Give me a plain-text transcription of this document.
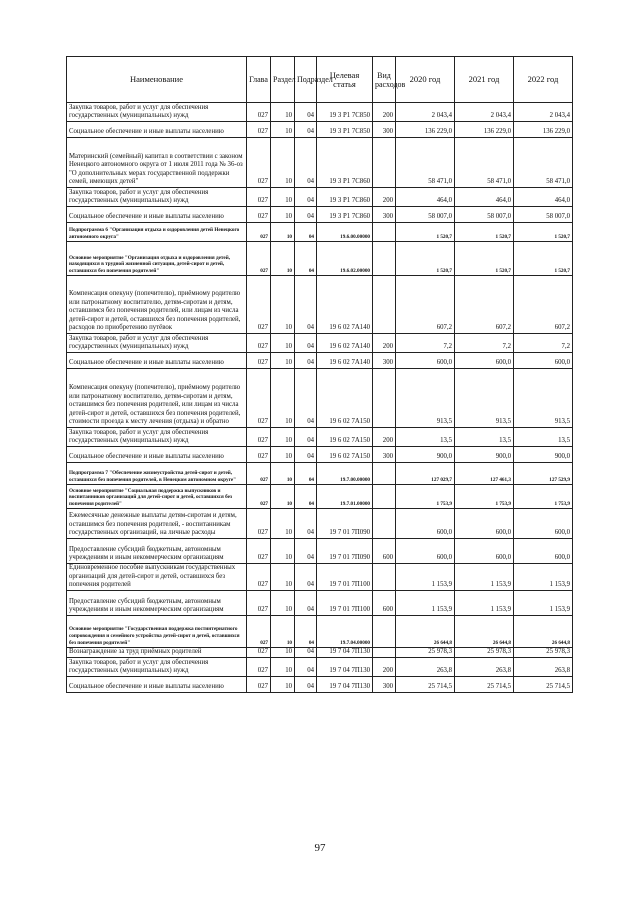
Наименование	Глава	Раздел	Подраздел	Целевая статья	Вид расходов	2020 год	2021 год	2022 год
Закупка товаров, работ и услуг для обеспечения государственных (муниципальных) нужд	027	10	04	19 3 P1 7C850	200	2 043,4	2 043,4	2 043,4
Социальное обеспечение и иные выплаты населению	027	10	04	19 3 P1 7C850	300	136 229,0	136 229,0	136 229,0
Материнский (семейный) капитал в соответствии с законом Ненецкого автономного округа от 1 июля 2011 года № 36-оз "О дополнительных мерах государственной поддержки семей, имеющих детей"	027	10	04	19 3 P1 7C860		58 471,0	58 471,0	58 471,0
Закупка товаров, работ и услуг для обеспечения государственных (муниципальных) нужд	027	10	04	19 3 P1 7C860	200	464,0	464,0	464,0
Социальное обеспечение и иные выплаты населению	027	10	04	19 3 P1 7C860	300	58 007,0	58 007,0	58 007,0
Подпрограмма 6 "Организация отдыха и оздоровления детей Ненецкого автономного округа"	027	10	04	19.6.00.00000		1 520,7	1 520,7	1 520,7
Основное мероприятие "Организация отдыха и оздоровления детей, находящихся в трудной жизненной ситуации, детей-сирот и детей, оставшихся без попечения родителей"	027	10	04	19.6.02.00000		1 520,7	1 520,7	1 520,7
Компенсация опекуну (попечителю), приёмному родителю или патронатному воспитателю, детям-сиротам и детям, оставшимся без попечения родителей, или лицам из числа детей-сирот и детей, оставшихся без попечения родителей, расходов по приобретению путёвок	027	10	04	19 6 02 7А140		607,2	607,2	607,2
Закупка товаров, работ и услуг для обеспечения государственных (муниципальных) нужд	027	10	04	19 6 02 7А140	200	7,2	7,2	7,2
Социальное обеспечение и иные выплаты населению	027	10	04	19 6 02 7А140	300	600,0	600,0	600,0
Компенсация опекуну (попечителю), приёмному родителю или патронатному воспитателю, детям-сиротам и детям, оставшимся без попечения родителей, или лицам из числа детей-сирот и детей, оставшихся без попечения родителей, стоимости проезда к месту лечения (отдыха) и обратно	027	10	04	19 6 02 7А150		913,5	913,5	913,5
Закупка товаров, работ и услуг для обеспечения государственных (муниципальных) нужд	027	10	04	19 6 02 7А150	200	13,5	13,5	13,5
Социальное обеспечение и иные выплаты населению	027	10	04	19 6 02 7А150	300	900,0	900,0	900,0
Подпрограмма 7 "Обеспечение жизнеустройства детей-сирот и детей, оставшихся без попечения родителей, в Ненецком автономном округе"	027	10	04	19.7.00.00000		127 029,7	127 461,3	127 529,9
Основное мероприятие "Социальная поддержка выпускников и воспитанников организаций для детей-сирот и детей, оставшихся без попечения родителей"	027	10	04	19.7.01.00000		1 753,9	1 753,9	1 753,9
Ежемесячные денежные выплаты детям-сиротам и детям, оставшимся без попечения родителей, - воспитанникам государственных организаций, на личные расходы	027	10	04	19 7 01 7П090		600,0	600,0	600,0
Предоставление субсидий бюджетным, автономным учреждениям и иным некоммерческим организациям	027	10	04	19 7 01 7П090	600	600,0	600,0	600,0
Единовременное пособие выпускникам государственных организаций для детей-сирот и детей, оставшихся без попечения родителей	027	10	04	19 7 01 7П100		1 153,9	1 153,9	1 153,9
Предоставление субсидий бюджетным, автономным учреждениям и иным некоммерческим организациям	027	10	04	19 7 01 7П100	600	1 153,9	1 153,9	1 153,9
Основное мероприятие "Государственная поддержка постинтернатного сопровождения и семейного устройства детей-сирот и детей, оставшихся без попечения родителей"	027	10	04	19.7.04.00000		26 644,8	26 644,8	26 644,8
Вознаграждение за труд приёмных родителей	027	10	04	19 7 04 7П130		25 978,3	25 978,3	25 978,3
Закупка товаров, работ и услуг для обеспечения государственных (муниципальных) нужд	027	10	04	19 7 04 7П130	200	263,8	263,8	263,8
Социальное обеспечение и иные выплаты населению	027	10	04	19 7 04 7П130	300	25 714,5	25 714,5	25 714,5
97
